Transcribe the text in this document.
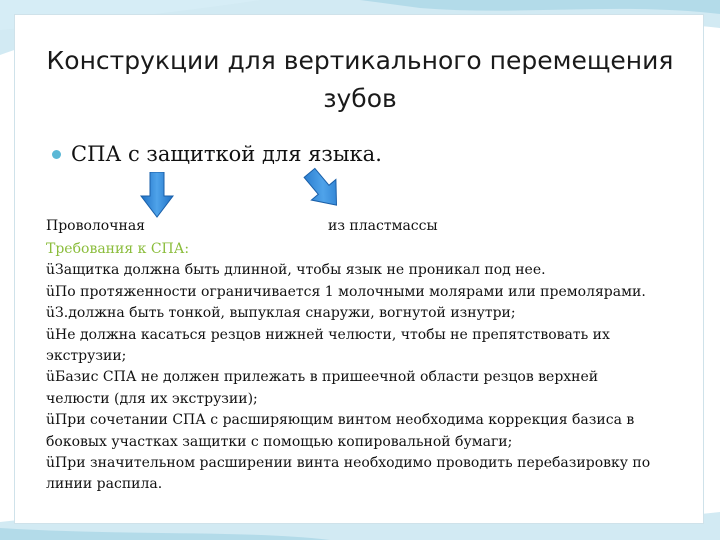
Конструкции для вертикального перемещения зубов
СПА с защиткой для языка.
Проволочная	из пластмассы
Требования к СПА:

üЗащитка должна быть длинной, чтобы язык не проникал под нее.

üПо протяженности ограничивается 1 молочными молярами или премолярами.

üЗ.должна быть тонкой, выпуклая снаружи, вогнутой изнутри;

üНе должна касаться резцов нижней челюсти, чтобы не препятствовать их экструзии;

üБазис СПА не должен прилежать в пришеечной области резцов верхней челюсти (для их экструзии);

üПри сочетании СПА с расширяющим винтом необходима коррекция базиса в боковых участках защитки с помощью копировальной бумаги;

üПри значительном расширении винта необходимо проводить перебазировку по линии распила.
